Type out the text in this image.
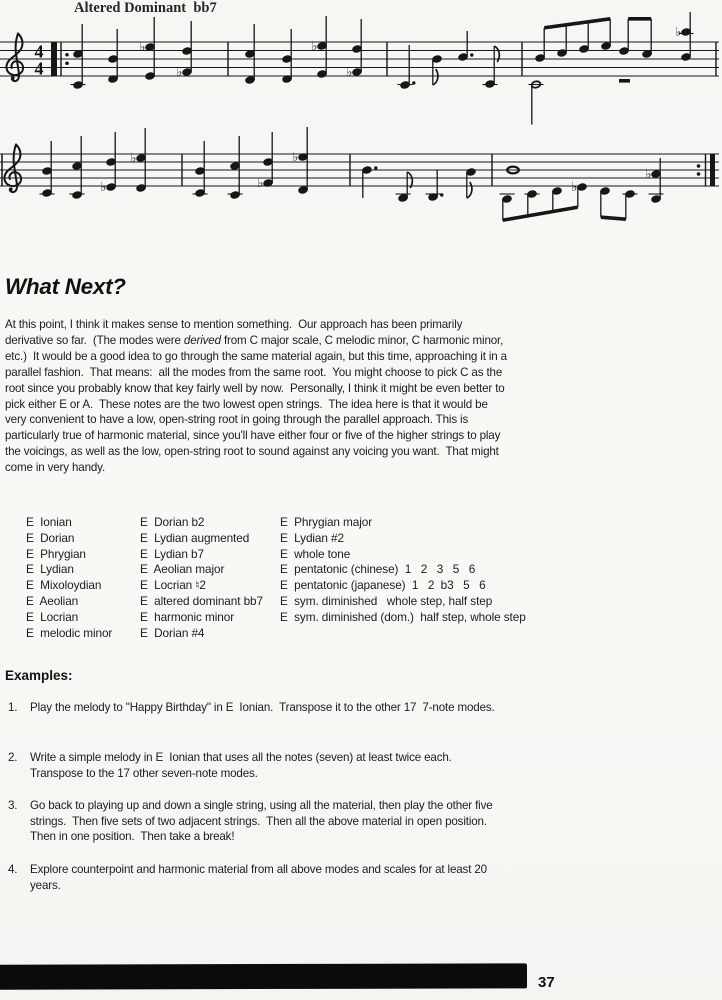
Altered Dominant  bb7
4
4
♭
♭
♭
♭
♭
♭
♭
♭
♭
♭
♭
What Next?

At this point, I think it makes sense to mention something.  Our approach has been primarily derivative so far.  (The modes were derived from C major scale, C melodic minor, C harmonic minor, etc.)  It would be a good idea to go through the same material again, but this time, approaching it in a parallel fashion.  That means:  all the modes from the same root.  You might choose to pick C as the root since you probably know that key fairly well by now.  Personally, I think it might be even better to pick either E or A.  These notes are the two lowest open strings.  The idea here is that it would be very convenient to have a low, open-string root in going through the parallel approach. This is particularly true of harmonic material, since you'll have either four or five of the higher strings to play the voicings, as well as the low, open-string root to sound against any voicing you want.  That might come in very handy.

E  Ionian
E  Dorian
E  Phrygian
E  Lydian
E  Mixoloydian
E  Aeolian
E  Locrian
E  melodic minor
E  Dorian b2
E  Lydian augmented
E  Lydian b7
E  Aeolian major
E  Locrian ♮2
E  altered dominant bb7
E  harmonic minor
E  Dorian #4
E  Phrygian major
E  Lydian #2
E  whole tone
E  pentatonic (chinese)  1   2   3   5   6
E  pentatonic (japanese)  1   2  b3   5   6
E  sym. diminished   whole step, half step
E  sym. diminished (dom.)  half step, whole step
Examples:
1. Play the melody to "Happy Birthday" in E  Ionian.  Transpose it to the other 17  7-note modes.
2. Write a simple melody in E  Ionian that uses all the notes (seven) at least twice each.  Transpose to the 17 other seven-note modes.
3. Go back to playing up and down a single string, using all the material, then play the other five strings.  Then five sets of two adjacent strings.  Then all the above material in open position.  Then in one position.  Then take a break!
4. Explore counterpoint and harmonic material from all above modes and scales for at least 20 years.
37
